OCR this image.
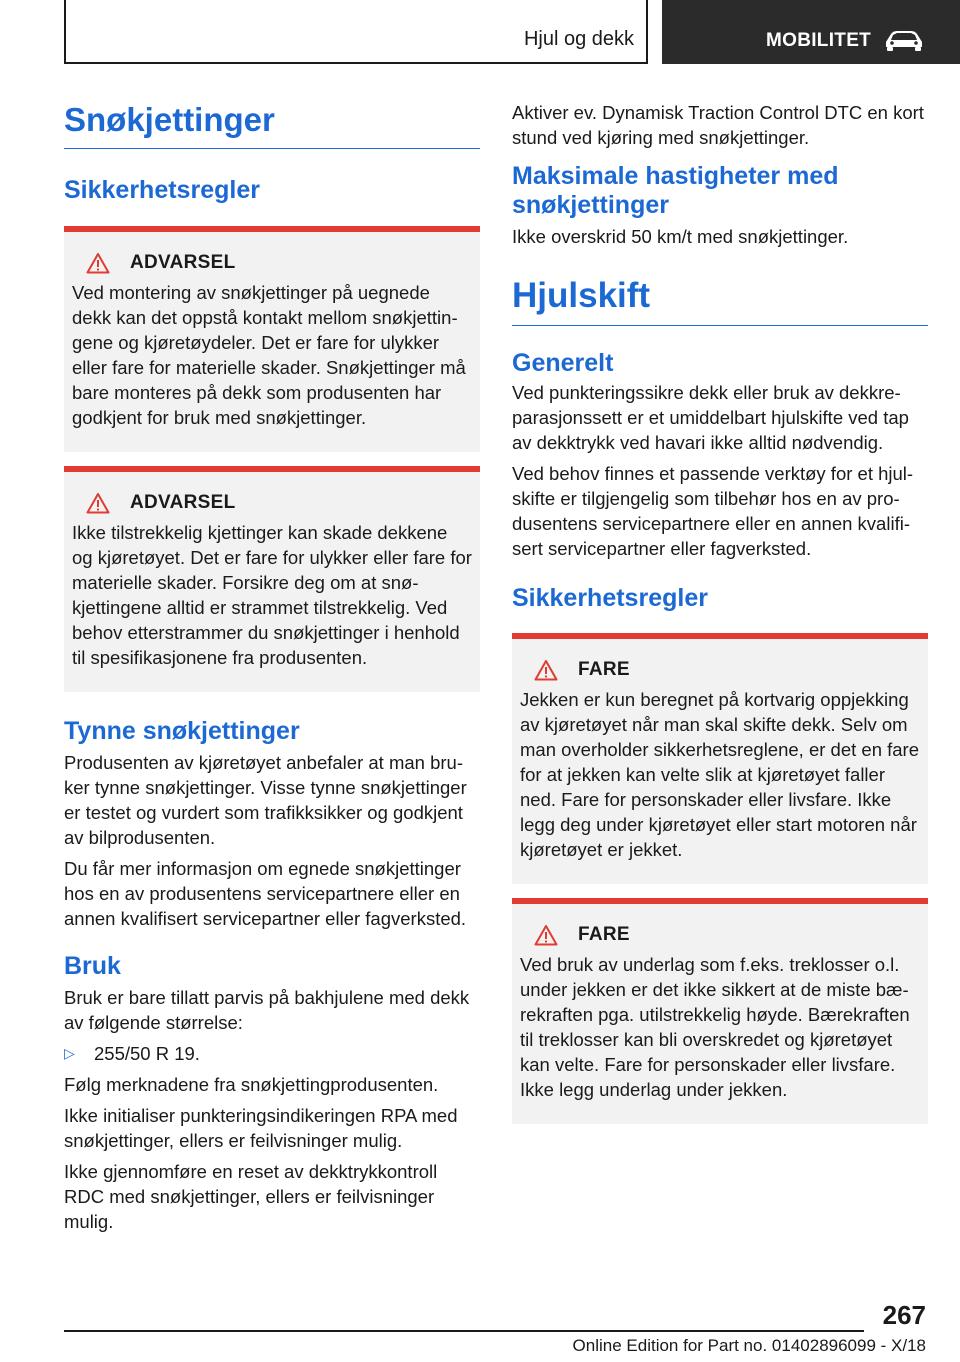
Hjul og dekk	MOBILITET
Snøkjettinger
Sikkerhetsregler
ADVARSEL

Ved montering av snøkjettinger på uegnede dekk kan det oppstå kontakt mellom snøkjettingene og kjøretøydeler. Det er fare for ulykker eller fare for materielle skader. Snøkjettinger må bare monteres på dekk som produsenten har godkjent for bruk med snøkjettinger.

ADVARSEL

Ikke tilstrekkelig kjettinger kan skade dekkene og kjøretøyet. Det er fare for ulykker eller fare for materielle skader. Forsikre deg om at snøkjettingene alltid er strammet tilstrekkelig. Ved behov etterstrammer du snøkjettinger i henhold til spesifikasjonene fra produsenten.

Tynne snøkjettinger

Produsenten av kjøretøyet anbefaler at man bruker tynne snøkjettinger. Visse tynne snøkjettinger er testet og vurdert som trafikksikker og godkjent av bilprodusenten.

Du får mer informasjon om egnede snøkjettinger hos en av produsentens servicepartnere eller en annen kvalifisert servicepartner eller fagverksted.

Bruk

Bruk er bare tillatt parvis på bakhjulene med dekk av følgende størrelse:

▷	255/50 R 19.

Følg merknadene fra snøkjettingprodusenten.

Ikke initialiser punkteringsindikeringen RPA med snøkjettinger, ellers er feilvisninger mulig.

Ikke gjennomføre en reset av dekktrykkontroll RDC med snøkjettinger, ellers er feilvisninger mulig.

Aktiver ev. Dynamisk Traction Control DTC en kort stund ved kjøring med snøkjettinger.

Maksimale hastigheter med snøkjettinger

Ikke overskrid 50 km/t med snøkjettinger.

Hjulskift
Generelt

Ved punkteringssikre dekk eller bruk av dekkreparasjonssett er et umiddelbart hjulskifte ved tap av dekktrykk ved havari ikke alltid nødvendig.

Ved behov finnes et passende verktøy for et hjulskifte er tilgjengelig som tilbehør hos en av produsentens servicepartnere eller en annen kvalifisert servicepartner eller fagverksted.

Sikkerhetsregler
FARE

Jekken er kun beregnet på kortvarig oppjekking av kjøretøyet når man skal skifte dekk. Selv om man overholder sikkerhetsreglene, er det en fare for at jekken kan velte slik at kjøretøyet faller ned. Fare for personskader eller livsfare. Ikke legg deg under kjøretøyet eller start motoren når kjøretøyet er jekket.

FARE

Ved bruk av underlag som f.eks. treklosser o.l. under jekken er det ikke sikkert at de miste bærekraften pga. utilstrekkelig høyde. Bærekraften til treklosser kan bli overskredet og kjøretøyet kan velte. Fare for personskader eller livsfare. Ikke legg underlag under jekken.

267
Online Edition for Part no. 01402896099 - X/18
